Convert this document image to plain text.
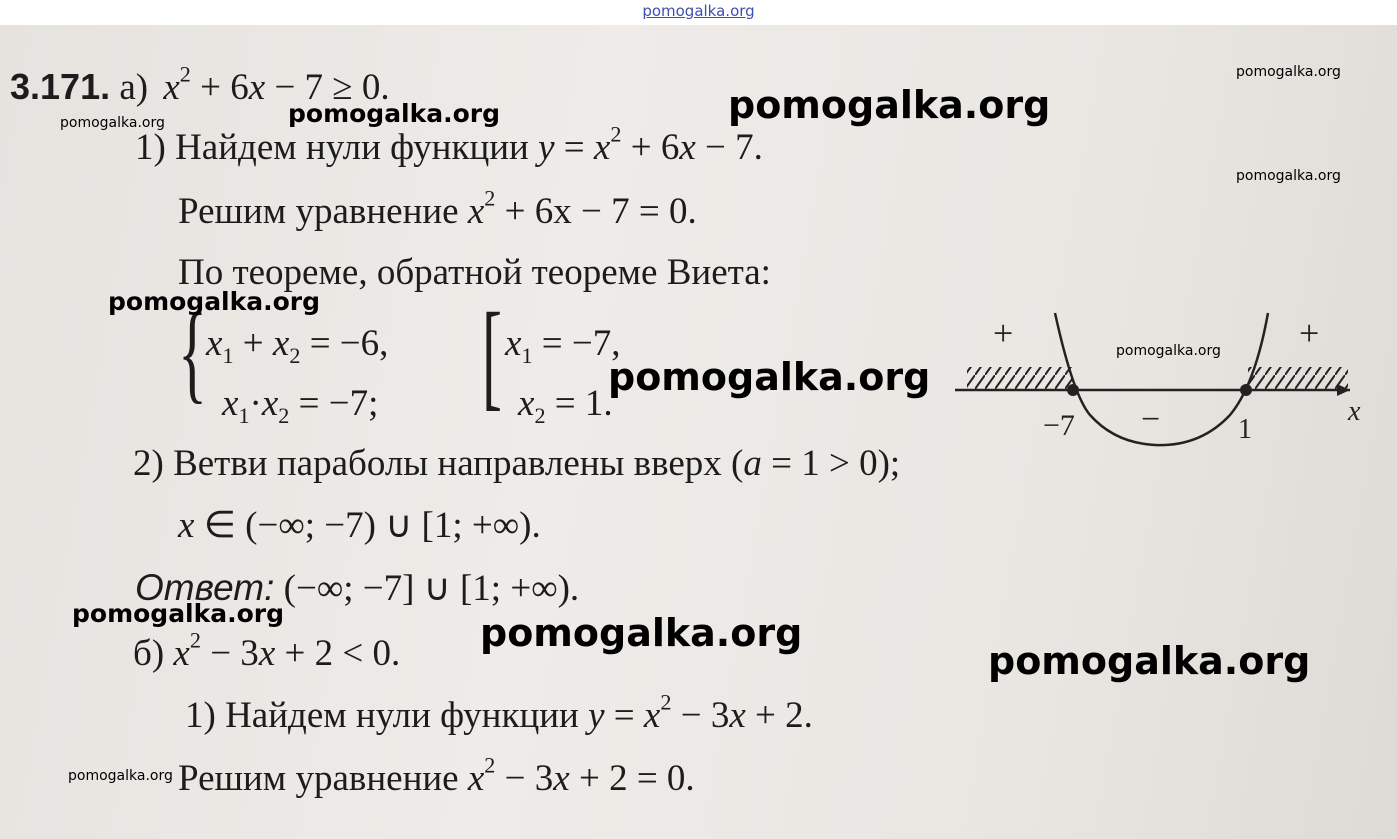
pomogalka.org
3.171. а) $x^2 + 6x - 7 \ge 0$.
1) Найдем нули функции $y = x^2 + 6x - 7$.
Решим уравнение $x^2 + 6x - 7 = 0$.
По теореме, обратной теореме Виета:
{
$x_1 + x_2 = -6$,
$x_1\cdot x_2 = -7$; [ $x_1 = -7$,
$x_2 = 1$.
+
−
+
−7	1
x
2) Ветви параболы направлены вверх (a = 1 > 0);
x ∈ (−∞; −7) ∪ [1; +∞).
Ответ: (−∞; −7] ∪ [1; +∞).
б) $x^2 - 3x + 2 < 0$.
1) Найдем нули функции $y = x^2 - 3x + 2$.
Решим уравнение $x^2 - 3x + 2 = 0$.
pomogalka.org
pomogalka.org	pomogalka.org	pomogalka.org
pomogalka.org
pomogalka.org
pomogalka.org
pomogalka.org
pomogalka.org	pomogalka.org
pomogalka.org
pomogalka.org
